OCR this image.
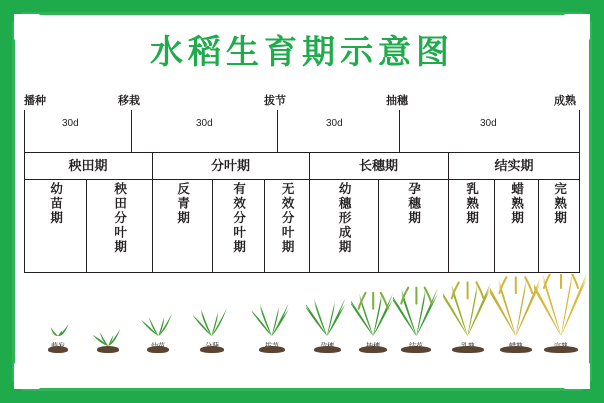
水稻生育期示意图
播种	移栽	拔节	抽穗	成熟
30d	30d	30d	30d
秧田期	分叶期	长穗期	结实期
幼苗期	秧田分叶期	反青期	有效分叶期	无效分叶期	幼穗形成期	孕穗期	乳熟期 蜡熟期 完熟期
